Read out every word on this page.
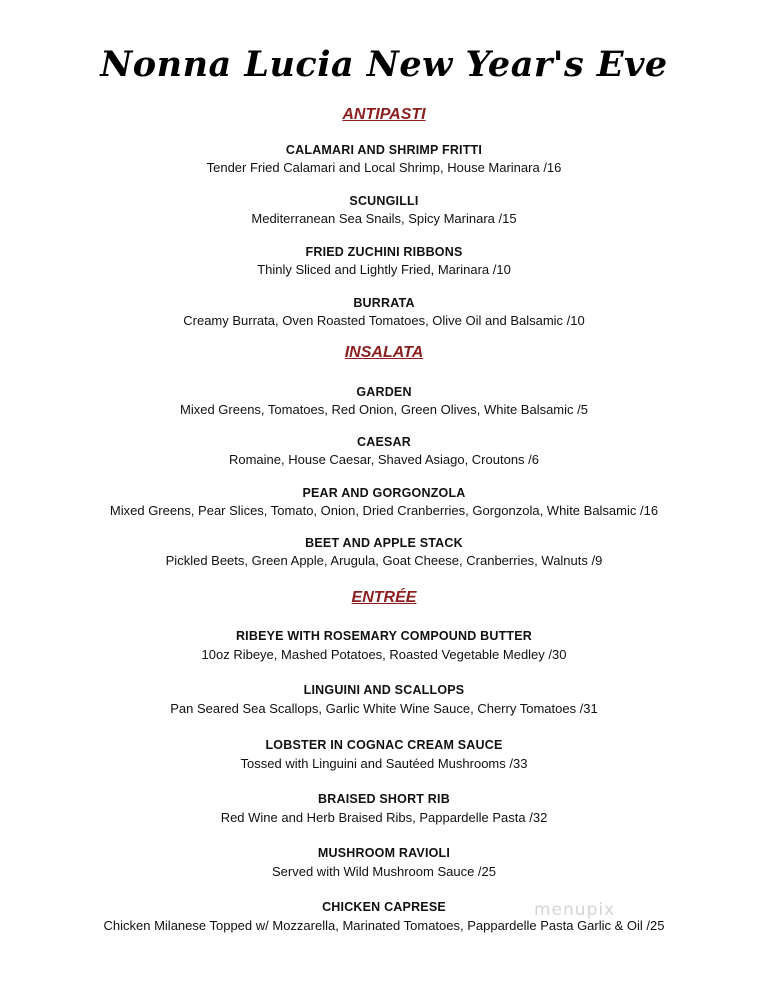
Nonna Lucia New Year's Eve
ANTIPASTI
CALAMARI AND SHRIMP FRITTI
Tender Fried Calamari and Local Shrimp, House Marinara /16
SCUNGILLI
Mediterranean Sea Snails, Spicy Marinara /15
FRIED ZUCHINI RIBBONS
Thinly Sliced and Lightly Fried, Marinara /10
BURRATA
Creamy Burrata, Oven Roasted Tomatoes, Olive Oil and Balsamic /10
INSALATA
GARDEN
Mixed Greens, Tomatoes, Red Onion, Green Olives, White Balsamic /5
CAESAR
Romaine, House Caesar, Shaved Asiago, Croutons /6
PEAR AND GORGONZOLA
Mixed Greens, Pear Slices, Tomato, Onion, Dried Cranberries, Gorgonzola, White Balsamic /16
BEET AND APPLE STACK
Pickled Beets, Green Apple, Arugula, Goat Cheese, Cranberries, Walnuts /9
ENTRÉE
RIBEYE WITH ROSEMARY COMPOUND BUTTER
10oz Ribeye, Mashed Potatoes, Roasted Vegetable Medley /30
LINGUINI AND SCALLOPS
Pan Seared Sea Scallops, Garlic White Wine Sauce, Cherry Tomatoes /31
LOBSTER IN COGNAC CREAM SAUCE
Tossed with Linguini and Sautéed Mushrooms /33
BRAISED SHORT RIB
Red Wine and Herb Braised Ribs, Pappardelle Pasta /32
MUSHROOM RAVIOLI
Served with Wild Mushroom Sauce /25
CHICKEN CAPRESE
Chicken Milanese Topped w/ Mozzarella, Marinated Tomatoes, Pappardelle Pasta Garlic & Oil /25
menupix
